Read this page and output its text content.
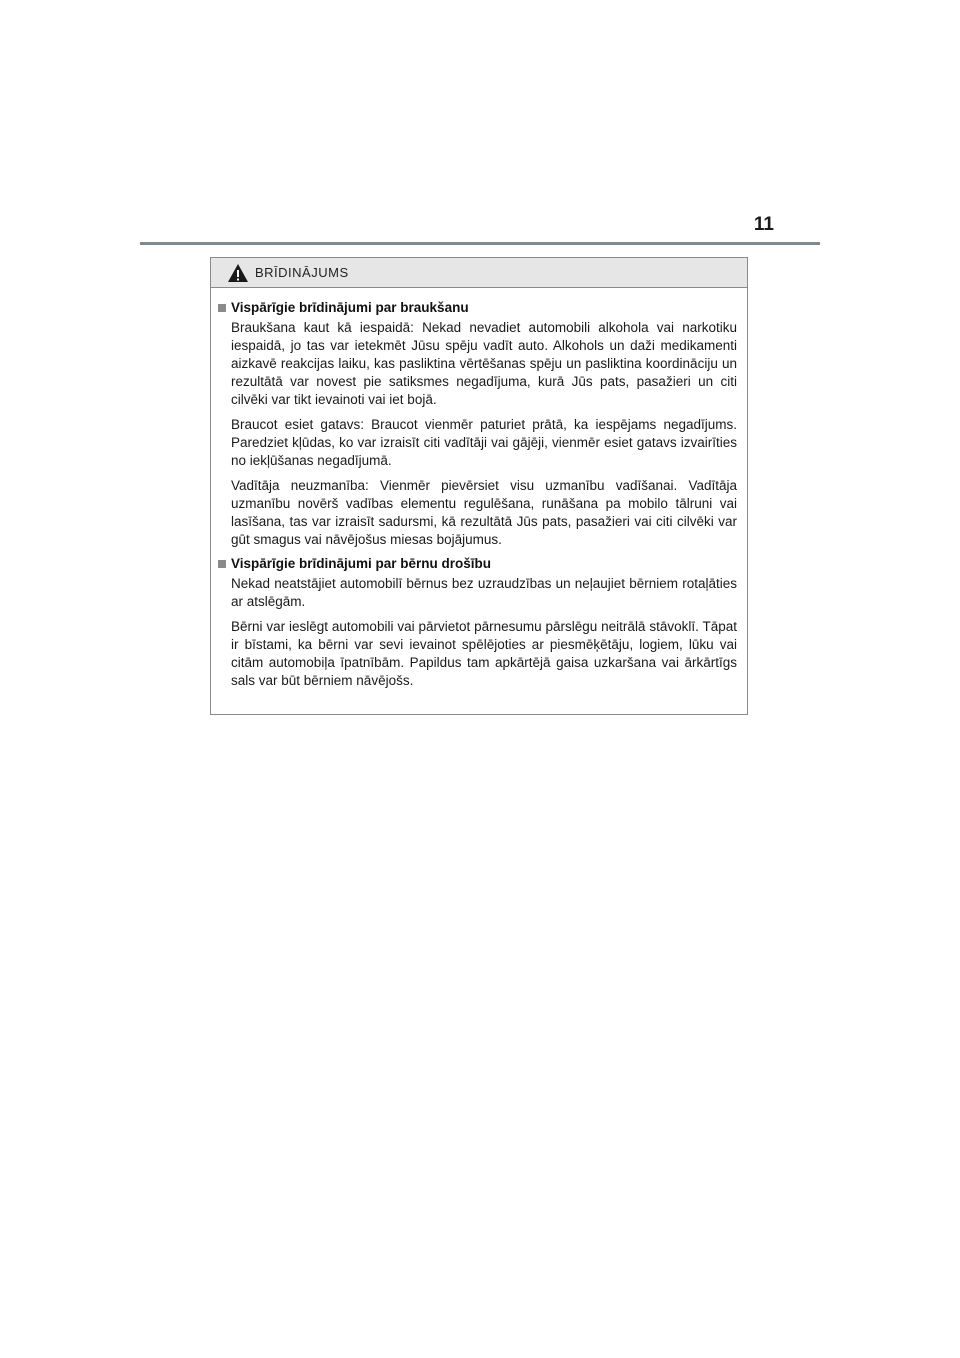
11
BRĪDINĀJUMS
Vispārīgie brīdinājumi par braukšanu

Braukšana kaut kā iespaidā: Nekad nevadiet automobili alkohola vai narkotiku iespaidā, jo tas var ietekmēt Jūsu spēju vadīt auto. Alkohols un daži medikamenti aizkavē reakcijas laiku, kas pasliktina vērtēšanas spēju un pasliktina koordināciju un rezultātā var novest pie satiksmes negadījuma, kurā Jūs pats, pasažieri un citi cilvēki var tikt ievainoti vai iet bojā.

Braucot esiet gatavs: Braucot vienmēr paturiet prātā, ka iespējams negadījums. Paredziet kļūdas, ko var izraisīt citi vadītāji vai gājēji, vienmēr esiet gatavs izvairīties no iekļūšanas negadījumā.

Vadītāja neuzmanība: Vienmēr pievērsiet visu uzmanību vadīšanai. Vadītāja uzmanību novērš vadības elementu regulēšana, runāšana pa mobilo tālruni vai lasīšana, tas var izraisīt sadursmi, kā rezultātā Jūs pats, pasažieri vai citi cilvēki var gūt smagus vai nāvējošus miesas bojājumus.

Vispārīgie brīdinājumi par bērnu drošību

Nekad neatstājiet automobilī bērnus bez uzraudzības un neļaujiet bērniem rotaļāties ar atslēgām.

Bērni var ieslēgt automobili vai pārvietot pārnesumu pārslēgu neitrālā stāvoklī. Tāpat ir bīstami, ka bērni var sevi ievainot spēlējoties ar piesmēķētāju, logiem, lūku vai citām automobiļa īpatnībām. Papildus tam apkārtējā gaisa uzkaršana vai ārkārtīgs sals var būt bērniem nāvējošs.
